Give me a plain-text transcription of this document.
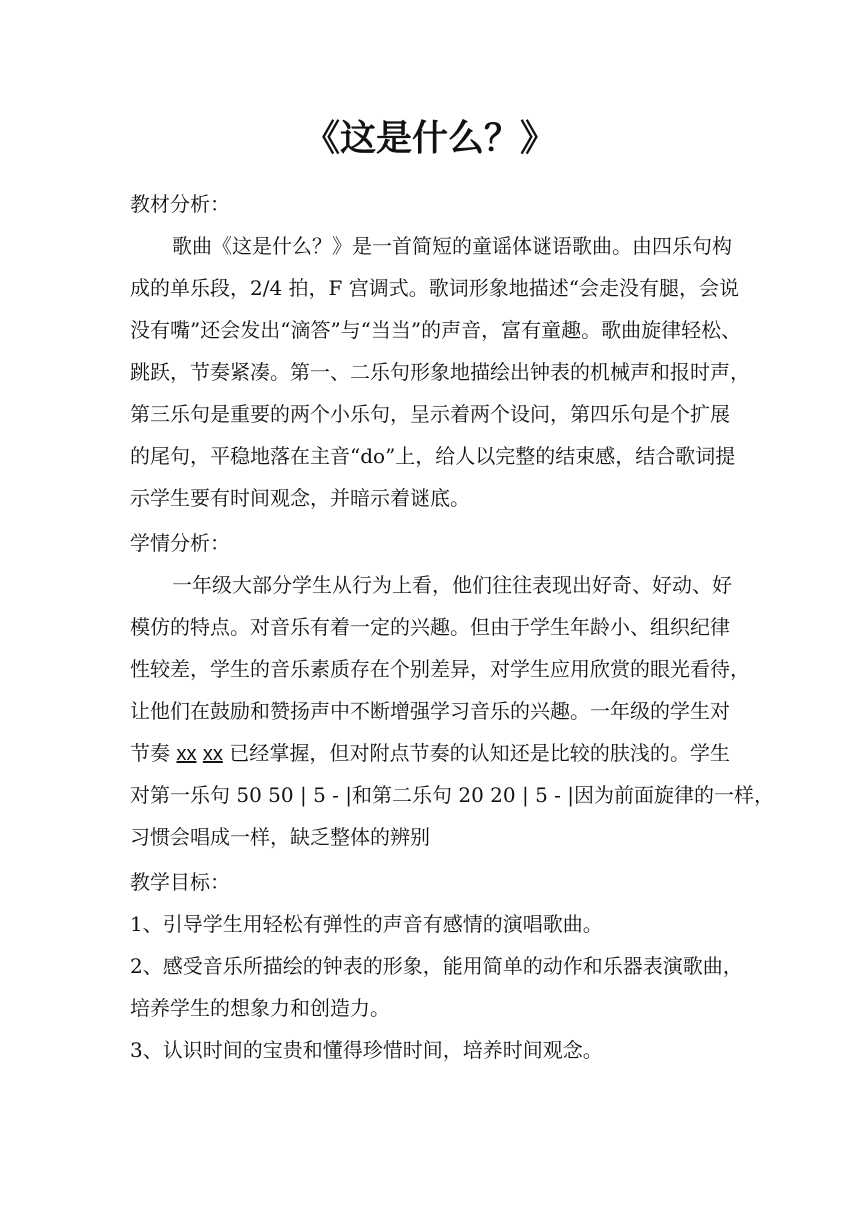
《这是什么？》
教材分析：
歌曲《这是什么？》是一首简短的童谣体谜语歌曲。由四乐句构
成的单乐段，2/4 拍，F 宫调式。歌词形象地描述“会走没有腿，会说
没有嘴”还会发出“滴答”与“当当”的声音，富有童趣。歌曲旋律轻松、
跳跃，节奏紧凑。第一、二乐句形象地描绘出钟表的机械声和报时声，
第三乐句是重要的两个小乐句，呈示着两个设问，第四乐句是个扩展
的尾句，平稳地落在主音“do”上，给人以完整的结束感，结合歌词提
示学生要有时间观念，并暗示着谜底。
学情分析：
一年级大部分学生从行为上看，他们往往表现出好奇、好动、好
模仿的特点。对音乐有着一定的兴趣。但由于学生年龄小、组织纪律
性较差，学生的音乐素质存在个别差异，对学生应用欣赏的眼光看待，
让他们在鼓励和赞扬声中不断增强学习音乐的兴趣。一年级的学生对
节奏 xx xx 已经掌握，但对附点节奏的认知还是比较的肤浅的。学生
对第一乐句 50 50 | 5 - |和第二乐句 20 20 | 5 - |因为前面旋律的一样，
习惯会唱成一样，缺乏整体的辨别
教学目标：
1、引导学生用轻松有弹性的声音有感情的演唱歌曲。
2、感受音乐所描绘的钟表的形象，能用简单的动作和乐器表演歌曲，
培养学生的想象力和创造力。
3、认识时间的宝贵和懂得珍惜时间，培养时间观念。
